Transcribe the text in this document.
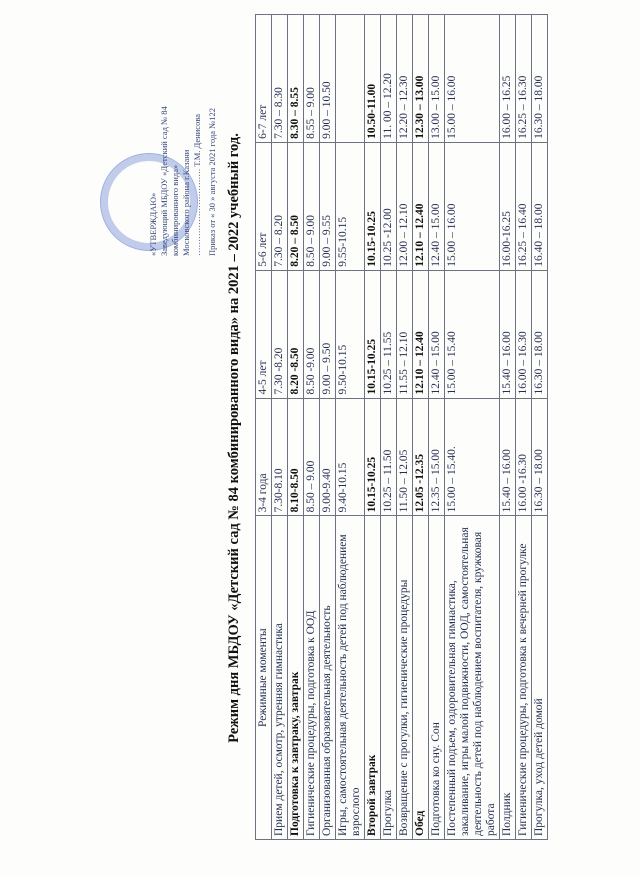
«УТВЕРЖДАЮ» Заведующий МБДОУ «Детский сад № 84 комбинированного вида» Московского района г.Казани …………………………. Т.М. Денисова Приказ от « 30 » августа 2021 года №122 Режим дня МБДОУ «Детский сад № 84 комбинированного вида» на 2021 – 2022 учебный год. Режимные моменты	3-4 года	4-5 лет	5-6 лет	6-7 лет
Прием детей, осмотр, утренняя гимнастика	7.30-8.10	7.30 -8.20	7.30 – 8.20	7.30 – 8.30
Подготовка к завтраку, завтрак	8.10-8.50	8.20 -8.50	8.20 – 8.50	8.30 – 8.55
Гигиенические процедуры, подготовка к ООД	8.50 – 9.00	8.50 -9.00	8.50 – 9.00	8.55 – 9.00
Организованная образовательная деятельность	9.00-9.40	9.00 – 9.50	9.00 – 9.55	9.00 – 10.50
Игры, самостоятельная деятельность детей под наблюдением взрослого	9.40-10.15	9.50-10.15	9.55-10.15	
Второй завтрак	10.15-10.25	10.15-10.25	10.15-10.25	10.50-11.00
Прогулка	10.25 – 11.50	10.25 – 11.55	10.25 -12.00	11. 00 – 12.20
Возвращение с прогулки, гигиенические процедуры	11.50 – 12.05	11.55 – 12.10	12.00 – 12.10	12.20 – 12.30
Обед	12.05 -12.35	12.10 – 12.40	12.10 – 12.40	12.30 – 13.00
Подготовка ко сну. Сон	12.35 – 15.00	12.40 – 15.00	12.40 – 15.00	13.00 – 15.00
Постепенный подъем, оздоровительная гимнастика, закаливание, игры малой подвижности, ООД, самостоятельная деятельность детей под наблюдением воспитателя, кружковая работа	15.00 – 15.40.	15.00 – 15.40	15.00 – 16.00	15.00 – 16.00
Полдник	15.40 – 16.00	15.40 – 16.00	16.00-16.25	16.00 – 16.25
Гигиенические процедуры, подготовка к вечерней прогулке	16.00 -16.30	16.00 – 16.30	16.25 – 16.40	16.25 – 16.30
Прогулка, уход детей домой	16.30 – 18.00	16.30 – 18.00	16.40 – 18.00	16.30 – 18.00
